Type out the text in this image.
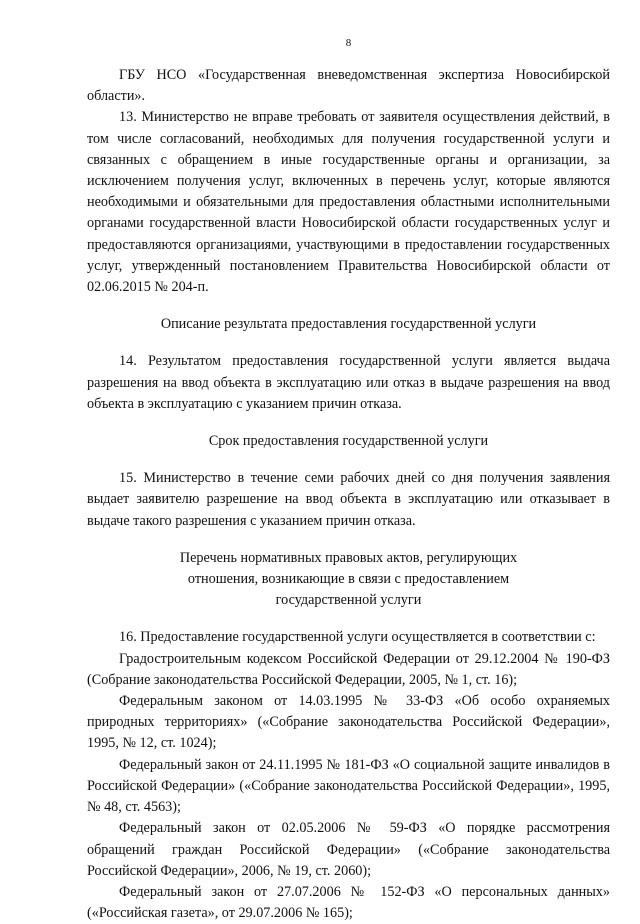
8

ГБУ НСО «Государственная вневедомственная экспертиза Новосибирской области».

13. Министерство не вправе требовать от заявителя осуществления действий, в том числе согласований, необходимых для получения государственной услуги и связанных с обращением в иные государственные органы и организации, за исключением получения услуг, включенных в перечень услуг, которые являются необходимыми и обязательными для предоставления областными исполнительными органами государственной власти Новосибирской области государственных услуг и предоставляются организациями, участвующими в предоставлении государственных услуг, утвержденный постановлением Правительства Новосибирской области от 02.06.2015 № 204-п.

Описание результата предоставления государственной услуги

14. Результатом предоставления государственной услуги является выдача разрешения на ввод объекта в эксплуатацию или отказ в выдаче разрешения на ввод объекта в эксплуатацию с указанием причин отказа.

Срок предоставления государственной услуги

15. Министерство в течение семи рабочих дней со дня получения заявления выдает заявителю разрешение на ввод объекта в эксплуатацию или отказывает в выдаче такого разрешения с указанием причин отказа.

Перечень нормативных правовых актов, регулирующих

отношения, возникающие в связи с предоставлением

государственной услуги

16. Предоставление государственной услуги осуществляется в соответствии с:

Градостроительным кодексом Российской Федерации от 29.12.2004 № 190-ФЗ (Собрание законодательства Российской Федерации, 2005, № 1, ст. 16);

Федеральным законом от 14.03.1995 № 33-ФЗ «Об особо охраняемых природных территориях» («Собрание законодательства Российской Федерации», 1995, № 12, ст. 1024);

Федеральный закон от 24.11.1995 № 181-ФЗ «О социальной защите инвалидов в Российской Федерации» («Собрание законодательства Российской Федерации», 1995, № 48, ст. 4563);

Федеральный закон от 02.05.2006 № 59-ФЗ «О порядке рассмотрения обращений граждан Российской Федерации» («Собрание законодательства Российской Федерации», 2006, № 19, ст. 2060);

Федеральный закон от 27.07.2006 № 152-ФЗ «О персональных данных» («Российская газета», от 29.07.2006 № 165);
